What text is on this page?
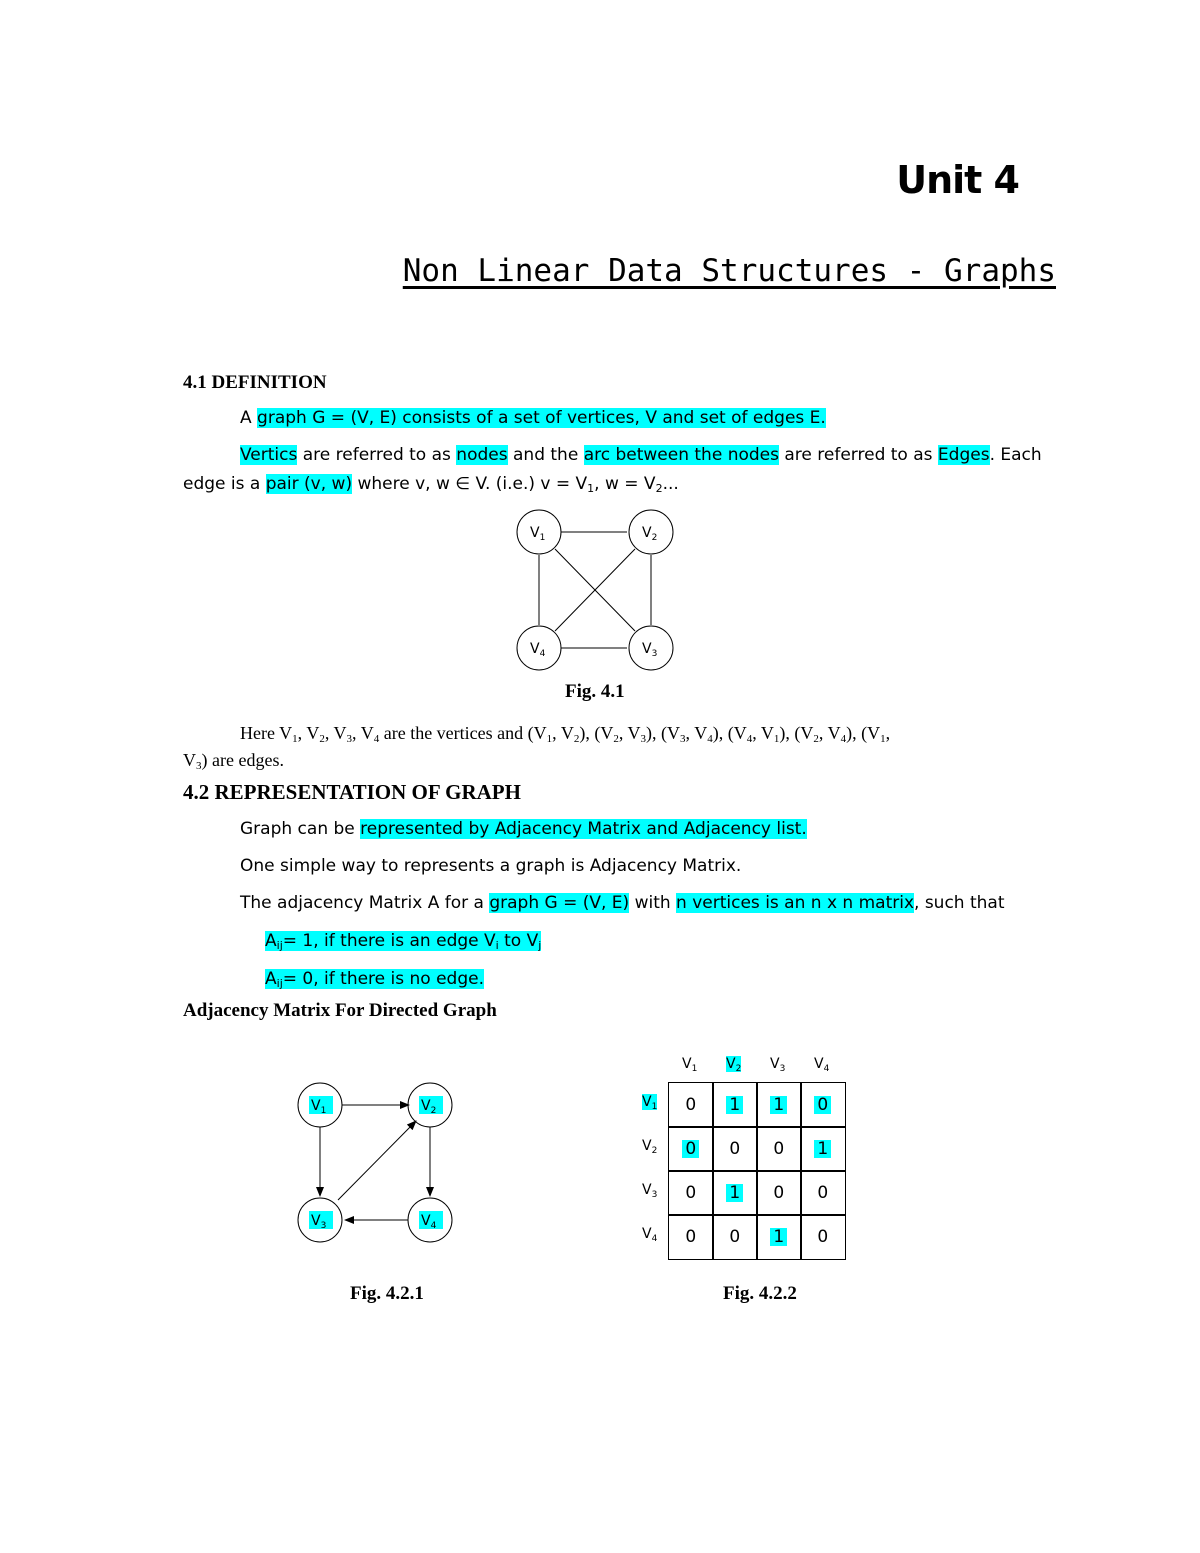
Unit 4
Non Linear Data Structures - Graphs
4.1 DEFINITION
A graph G = (V, E) consists of a set of vertices, V and set of edges E.
Vertics are referred to as nodes and the arc between the nodes are referred to as Edges. Each
edge is a pair (v, w) where v, w ∈ V. (i.e.) $v = V_1$, $w = V_2$...
$V_1$	$V_2$
$V_3$
$V_4$
Fig. 4.1
Here $V_1$, $V_2$, $V_3$, $V_4$ are the vertices and ($V_1$, $V_2$), ($V_2$, $V_3$), ($V_3$, $V_4$), ($V_4$, $V_1$), ($V_2$, $V_4$), ($V_1$,
$V_3$) are edges.
4.2 REPRESENTATION OF GRAPH
Graph can be represented by Adjacency Matrix and Adjacency list.
One simple way to represents a graph is Adjacency Matrix.
The adjacency Matrix A for a graph G = (V, E) with n vertices is an n x n matrix, such that
$A_{ij}= 1$, if there is an edge $V_i$ to $V_j$
$A_{ij}= 0$, if there is no edge.
Adjacency Matrix For Directed Graph
$V_1$	$V_2$
$V_3$	$V_4$
Fig. 4.2.1
$V_1$ $V_2$ $V_3$ $V_4$
$V_1$ 0 1 1 0
$V_2$ 0 0 0 1
$V_3$ 0 1 0 0
$V_4$ 0 0 1 0
Fig. 4.2.2
